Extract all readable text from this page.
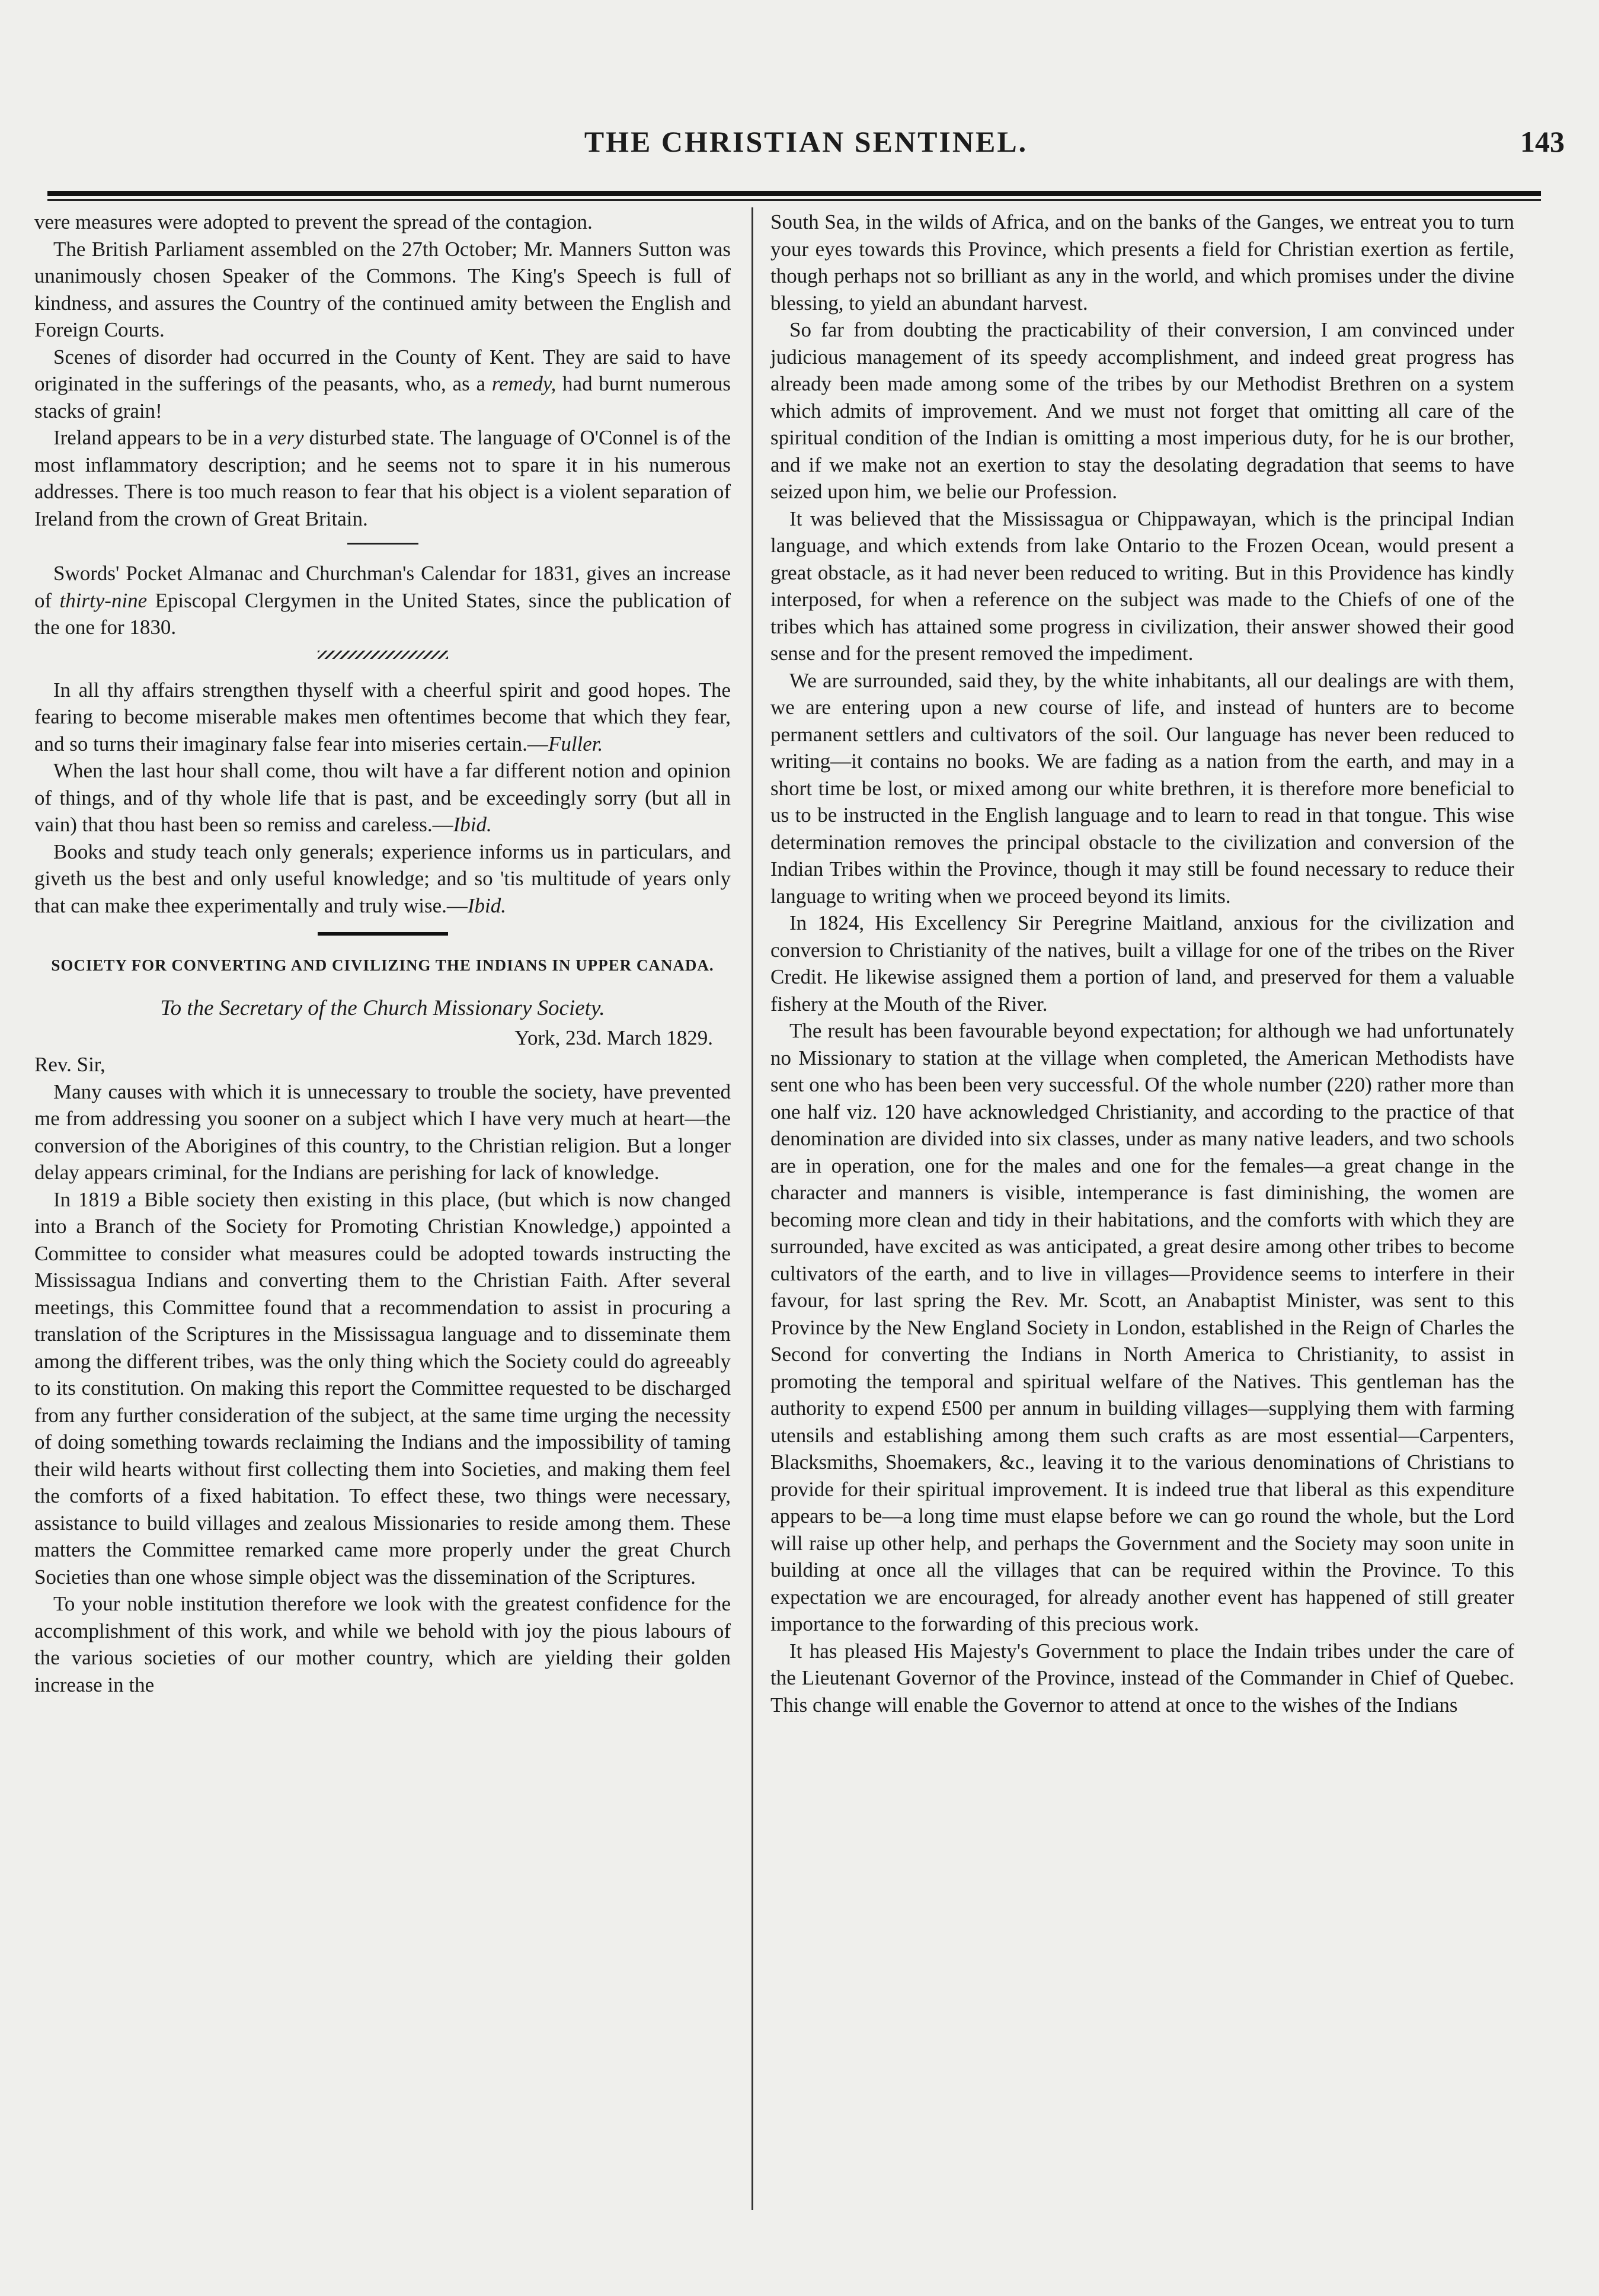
THE CHRISTIAN SENTINEL.	143

vere measures were adopted to prevent the spread of the contagion.

The British Parliament assembled on the 27th October; Mr. Manners Sutton was unanimously chosen Speaker of the Commons. The King's Speech is full of kindness, and assures the Country of the continued amity between the English and Foreign Courts.

Scenes of disorder had occurred in the County of Kent. They are said to have originated in the sufferings of the peasants, who, as a remedy, had burnt numerous stacks of grain!

Ireland appears to be in a very disturbed state. The language of O'Connel is of the most inflammatory description; and he seems not to spare it in his numerous addresses. There is too much reason to fear that his object is a violent separation of Ireland from the crown of Great Britain.

Swords' Pocket Almanac and Churchman's Calendar for 1831, gives an increase of thirty-nine Episcopal Clergymen in the United States, since the publication of the one for 1830.

In all thy affairs strengthen thyself with a cheerful spirit and good hopes. The fearing to become miserable makes men oftentimes become that which they fear, and so turns their imaginary false fear into miseries certain.—Fuller.

When the last hour shall come, thou wilt have a far different notion and opinion of things, and of thy whole life that is past, and be exceedingly sorry (but all in vain) that thou hast been so remiss and careless.—Ibid.

Books and study teach only generals; experience informs us in particulars, and giveth us the best and only useful knowledge; and so 'tis multitude of years only that can make thee experimentally and truly wise.—Ibid.

SOCIETY FOR CONVERTING AND CIVILIZING THE INDIANS IN UPPER CANADA.
To the Secretary of the Church Missionary Society.

York, 23d. March 1829.

Rev. Sir,

Many causes with which it is unnecessary to trouble the society, have prevented me from addressing you sooner on a subject which I have very much at heart—the conversion of the Aborigines of this country, to the Christian religion. But a longer delay appears criminal, for the Indians are perishing for lack of knowledge.

In 1819 a Bible society then existing in this place, (but which is now changed into a Branch of the Society for Promoting Christian Knowledge,) appointed a Committee to consider what measures could be adopted towards instructing the Mississagua Indians and converting them to the Christian Faith. After several meetings, this Committee found that a recommendation to assist in procuring a translation of the Scriptures in the Mississagua language and to disseminate them among the different tribes, was the only thing which the Society could do agreeably to its constitution. On making this report the Committee requested to be discharged from any further consideration of the subject, at the same time urging the necessity of doing something towards reclaiming the Indians and the impossibility of taming their wild hearts without first collecting them into Societies, and making them feel the comforts of a fixed habitation. To effect these, two things were necessary, assistance to build villages and zealous Missionaries to reside among them. These matters the Committee remarked came more properly under the great Church Societies than one whose simple object was the dissemination of the Scriptures.

To your noble institution therefore we look with the greatest confidence for the accomplishment of this work, and while we behold with joy the pious labours of the various societies of our mother country, which are yielding their golden increase in the

South Sea, in the wilds of Africa, and on the banks of the Ganges, we entreat you to turn your eyes towards this Province, which presents a field for Christian exertion as fertile, though perhaps not so brilliant as any in the world, and which promises under the divine blessing, to yield an abundant harvest.

So far from doubting the practicability of their conversion, I am convinced under judicious management of its speedy accomplishment, and indeed great progress has already been made among some of the tribes by our Methodist Brethren on a system which admits of improvement. And we must not forget that omitting all care of the spiritual condition of the Indian is omitting a most imperious duty, for he is our brother, and if we make not an exertion to stay the desolating degradation that seems to have seized upon him, we belie our Profession.

It was believed that the Mississagua or Chippawayan, which is the principal Indian language, and which extends from lake Ontario to the Frozen Ocean, would present a great obstacle, as it had never been reduced to writing. But in this Providence has kindly interposed, for when a reference on the subject was made to the Chiefs of one of the tribes which has attained some progress in civilization, their answer showed their good sense and for the present removed the impediment.

We are surrounded, said they, by the white inhabitants, all our dealings are with them, we are entering upon a new course of life, and instead of hunters are to become permanent settlers and cultivators of the soil. Our language has never been reduced to writing—it contains no books. We are fading as a nation from the earth, and may in a short time be lost, or mixed among our white brethren, it is therefore more beneficial to us to be instructed in the English language and to learn to read in that tongue. This wise determination removes the principal obstacle to the civilization and conversion of the Indian Tribes within the Province, though it may still be found necessary to reduce their language to writing when we proceed beyond its limits.

In 1824, His Excellency Sir Peregrine Maitland, anxious for the civilization and conversion to Christianity of the natives, built a village for one of the tribes on the River Credit. He likewise assigned them a portion of land, and preserved for them a valuable fishery at the Mouth of the River.

The result has been favourable beyond expectation; for although we had unfortunately no Missionary to station at the village when completed, the American Methodists have sent one who has been been very successful. Of the whole number (220) rather more than one half viz. 120 have acknowledged Christianity, and according to the practice of that denomination are divided into six classes, under as many native leaders, and two schools are in operation, one for the males and one for the females—a great change in the character and manners is visible, intemperance is fast diminishing, the women are becoming more clean and tidy in their habitations, and the comforts with which they are surrounded, have excited as was anticipated, a great desire among other tribes to become cultivators of the earth, and to live in villages—Providence seems to interfere in their favour, for last spring the Rev. Mr. Scott, an Anabaptist Minister, was sent to this Province by the New England Society in London, established in the Reign of Charles the Second for converting the Indians in North America to Christianity, to assist in promoting the temporal and spiritual welfare of the Natives. This gentleman has the authority to expend £500 per annum in building villages—supplying them with farming utensils and establishing among them such crafts as are most essential—Carpenters, Blacksmiths, Shoemakers, &c., leaving it to the various denominations of Christians to provide for their spiritual improvement. It is indeed true that liberal as this expenditure appears to be—a long time must elapse before we can go round the whole, but the Lord will raise up other help, and perhaps the Government and the Society may soon unite in building at once all the villages that can be required within the Province. To this expectation we are encouraged, for already another event has happened of still greater importance to the forwarding of this precious work.

It has pleased His Majesty's Government to place the Indain tribes under the care of the Lieutenant Governor of the Province, instead of the Commander in Chief of Quebec. This change will enable the Governor to attend at once to the wishes of the Indians
